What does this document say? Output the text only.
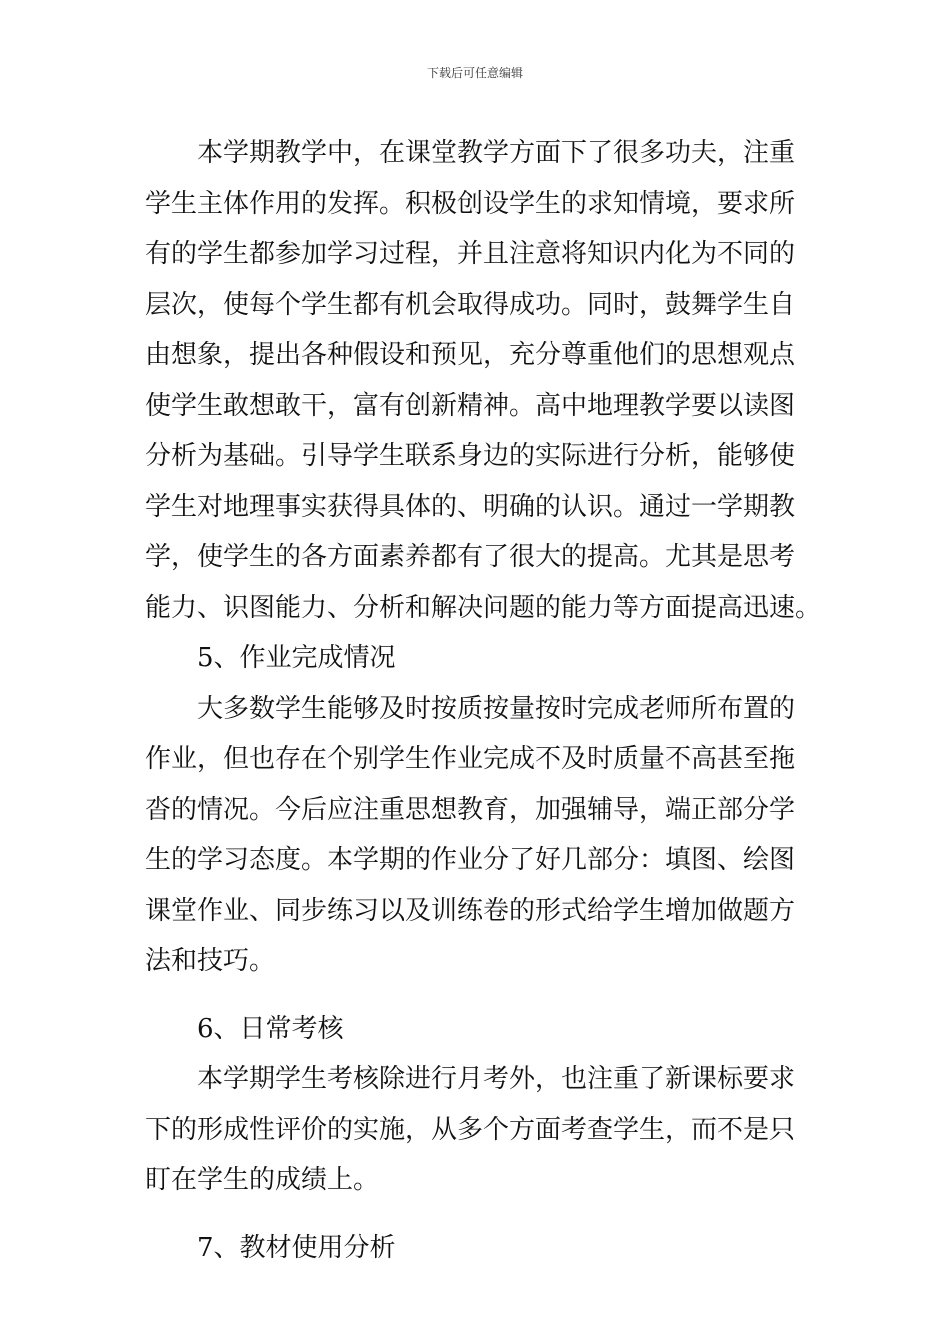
下载后可任意编辑
本学期教学中，在课堂教学方面下了很多功夫，注重
学生主体作用的发挥。积极创设学生的求知情境，要求所
有的学生都参加学习过程，并且注意将知识内化为不同的
层次，使每个学生都有机会取得成功。同时，鼓舞学生自
由想象，提出各种假设和预见，充分尊重他们的思想观点
使学生敢想敢干，富有创新精神。高中地理教学要以读图
分析为基础。引导学生联系身边的实际进行分析，能够使
学生对地理事实获得具体的、明确的认识。通过一学期教
学，使学生的各方面素养都有了很大的提高。尤其是思考
能力、识图能力、分析和解决问题的能力等方面提高迅速。
5、作业完成情况
大多数学生能够及时按质按量按时完成老师所布置的
作业，但也存在个别学生作业完成不及时质量不高甚至拖
沓的情况。今后应注重思想教育，加强辅导，端正部分学
生的学习态度。本学期的作业分了好几部分：填图、绘图
课堂作业、同步练习以及训练卷的形式给学生增加做题方
法和技巧。
6、日常考核
本学期学生考核除进行月考外，也注重了新课标要求
下的形成性评价的实施，从多个方面考查学生，而不是只
盯在学生的成绩上。
7、教材使用分析
